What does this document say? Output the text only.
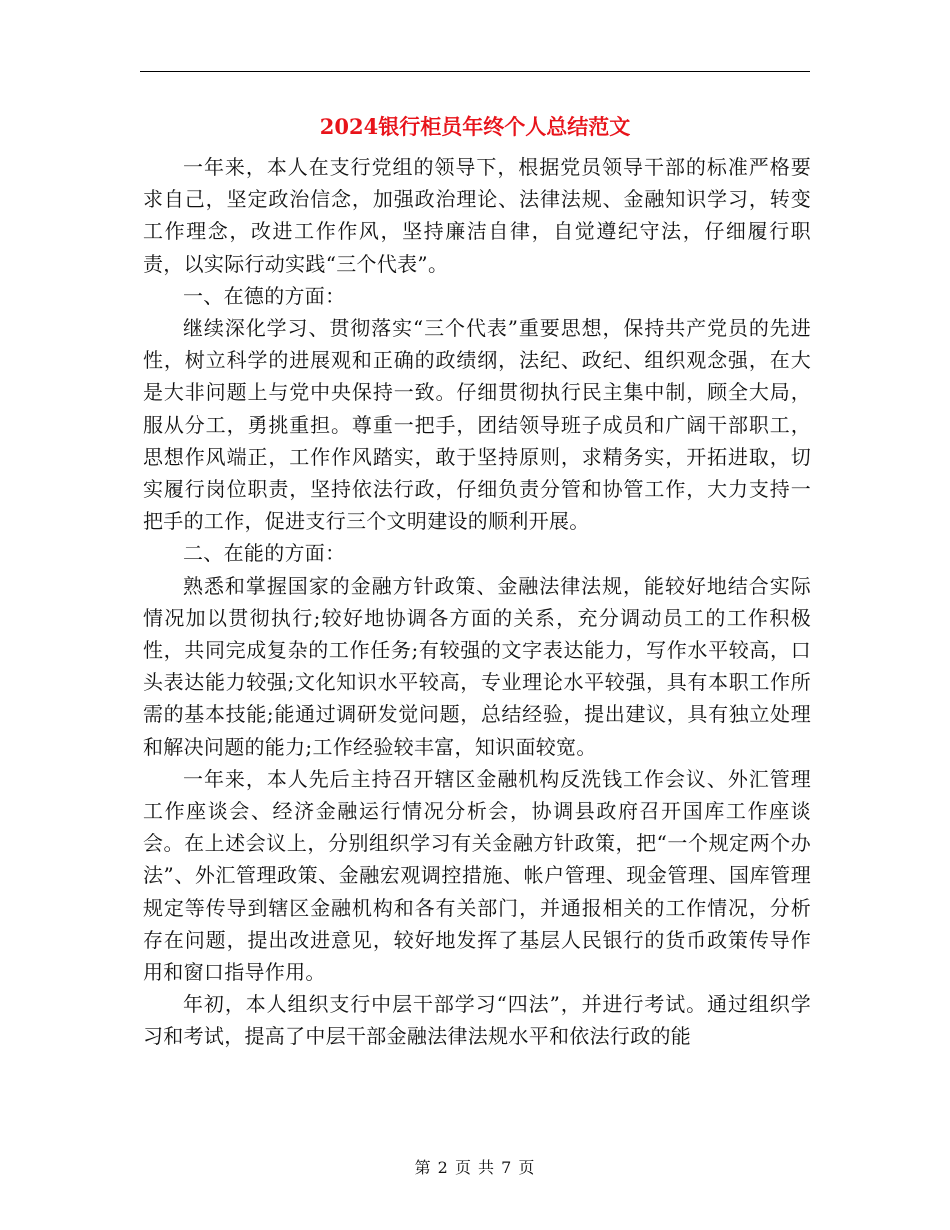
2024银行柜员年终个人总结范文

一年来，本人在支行党组的领导下，根据党员领导干部的标准严格要求自己，坚定政治信念，加强政治理论、法律法规、金融知识学习，转变工作理念，改进工作作风，坚持廉洁自律，自觉遵纪守法，仔细履行职责，以实际行动实践“三个代表”。

一、在德的方面：

继续深化学习、贯彻落实“三个代表”重要思想，保持共产党员的先进性，树立科学的进展观和正确的政绩纲，法纪、政纪、组织观念强，在大是大非问题上与党中央保持一致。仔细贯彻执行民主集中制，顾全大局，服从分工，勇挑重担。尊重一把手，团结领导班子成员和广阔干部职工，思想作风端正，工作作风踏实，敢于坚持原则，求精务实，开拓进取，切实履行岗位职责，坚持依法行政，仔细负责分管和协管工作，大力支持一把手的工作，促进支行三个文明建设的顺利开展。

二、在能的方面：

熟悉和掌握国家的金融方针政策、金融法律法规，能较好地结合实际情况加以贯彻执行;较好地协调各方面的关系，充分调动员工的工作积极性，共同完成复杂的工作任务;有较强的文字表达能力，写作水平较高，口头表达能力较强;文化知识水平较高，专业理论水平较强，具有本职工作所需的基本技能;能通过调研发觉问题，总结经验，提出建议，具有独立处理和解决问题的能力;工作经验较丰富，知识面较宽。

一年来，本人先后主持召开辖区金融机构反洗钱工作会议、外汇管理工作座谈会、经济金融运行情况分析会，协调县政府召开国库工作座谈会。在上述会议上，分别组织学习有关金融方针政策，把“一个规定两个办法”、外汇管理政策、金融宏观调控措施、帐户管理、现金管理、国库管理规定等传导到辖区金融机构和各有关部门，并通报相关的工作情况，分析存在问题，提出改进意见，较好地发挥了基层人民银行的货币政策传导作用和窗口指导作用。

年初，本人组织支行中层干部学习“四法”，并进行考试。通过组织学习和考试，提高了中层干部金融法律法规水平和依法行政的能

第 2 页 共 7 页
